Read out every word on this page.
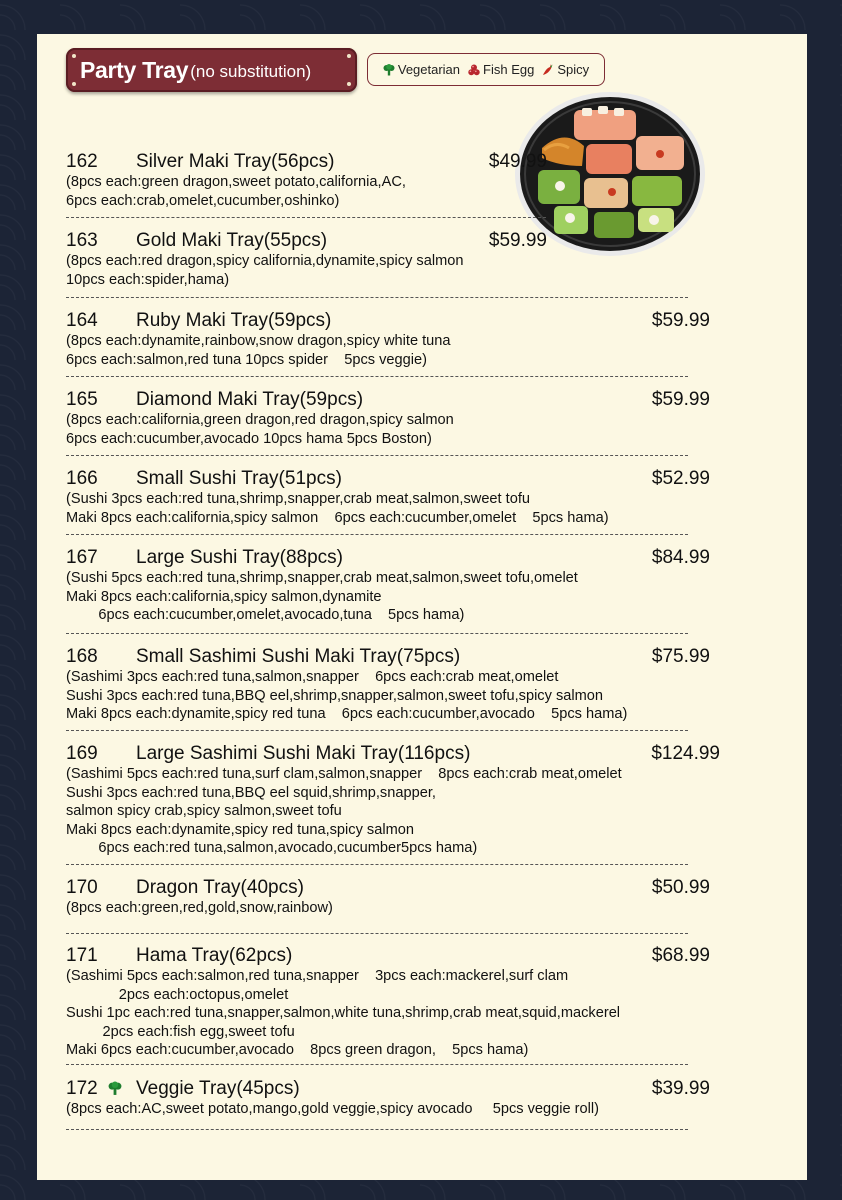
Party Tray (no substitution)	Vegetarian Fish Egg Spicy
162 Silver Maki Tray(56pcs)	$49.99
(8pcs each:green dragon,sweet potato,california,AC,
6pcs each:crab,omelet,cucumber,oshinko)
163 Gold Maki Tray(55pcs)	$59.99
(8pcs each:red dragon,spicy california,dynamite,spicy salmon
10pcs each:spider,hama)
164 Ruby Maki Tray(59pcs)	$59.99
(8pcs each:dynamite,rainbow,snow dragon,spicy white tuna
6pcs each:salmon,red tuna 10pcs spider    5pcs veggie)
165 Diamond Maki Tray(59pcs)	$59.99
(8pcs each:california,green dragon,red dragon,spicy salmon
6pcs each:cucumber,avocado 10pcs hama 5pcs Boston)
166 Small Sushi Tray(51pcs)	$52.99
(Sushi 3pcs each:red tuna,shrimp,snapper,crab meat,salmon,sweet tofu
Maki 8pcs each:california,spicy salmon    6pcs each:cucumber,omelet    5pcs hama)
167 Large Sushi Tray(88pcs)	$84.99
(Sushi 5pcs each:red tuna,shrimp,snapper,crab meat,salmon,sweet tofu,omelet
Maki 8pcs each:california,spicy salmon,dynamite
6pcs each:cucumber,omelet,avocado,tuna    5pcs hama)
168 Small Sashimi Sushi Maki Tray(75pcs)	$75.99
(Sashimi 3pcs each:red tuna,salmon,snapper    6pcs each:crab meat,omelet
Sushi 3pcs each:red tuna,BBQ eel,shrimp,snapper,salmon,sweet tofu,spicy salmon
Maki 8pcs each:dynamite,spicy red tuna    6pcs each:cucumber,avocado    5pcs hama)
169 Large Sashimi Sushi Maki Tray(116pcs)	$124.99
(Sashimi 5pcs each:red tuna,surf clam,salmon,snapper    8pcs each:crab meat,omelet
Sushi 3pcs each:red tuna,BBQ eel squid,shrimp,snapper,
salmon spicy crab,spicy salmon,sweet tofu
Maki 8pcs each:dynamite,spicy red tuna,spicy salmon
6pcs each:red tuna,salmon,avocado,cucumber5pcs hama)
170 Dragon Tray(40pcs)	$50.99
(8pcs each:green,red,gold,snow,rainbow)
171 Hama Tray(62pcs)	$68.99
(Sashimi 5pcs each:salmon,red tuna,snapper    3pcs each:mackerel,surf clam
2pcs each:octopus,omelet
Sushi 1pc each:red tuna,snapper,salmon,white tuna,shrimp,crab meat,squid,mackerel
2pcs each:fish egg,sweet tofu
Maki 6pcs each:cucumber,avocado    8pcs green dragon,    5pcs hama)
172 Veggie Tray(45pcs)	$39.99
(8pcs each:AC,sweet potato,mango,gold veggie,spicy avocado     5pcs veggie roll)
